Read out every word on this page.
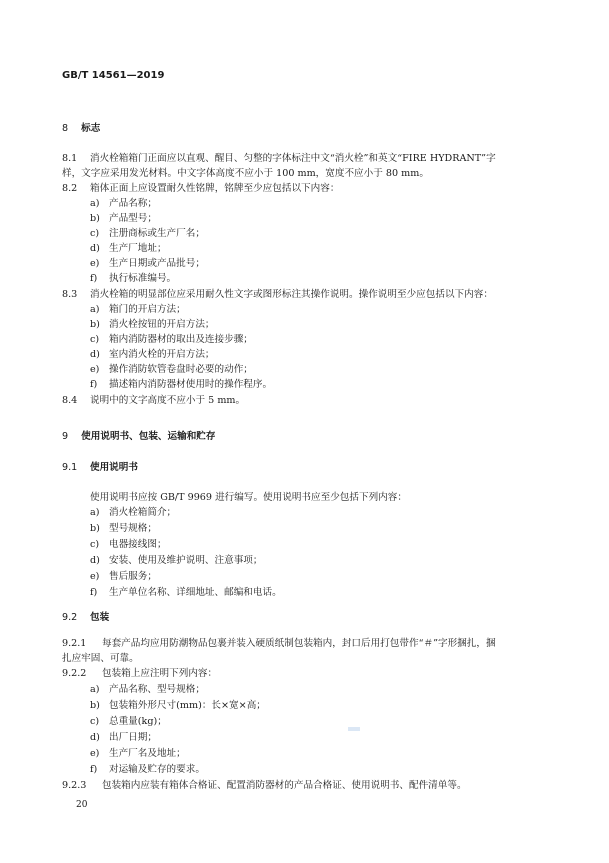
GB/T 14561—2019
8 标志
8.1 消火栓箱箱门正面应以直观、醒目、匀整的字体标注中文“消火栓”和英文“FIRE HYDRANT”字
样，文字应采用发光材料。中文字体高度不应小于 100 mm，宽度不应小于 80 mm。
8.2 箱体正面上应设置耐久性铭牌，铭牌至少应包括以下内容：
a) 产品名称；
b) 产品型号；
c) 注册商标或生产厂名；
d) 生产厂地址；
e) 生产日期或产品批号；
f) 执行标准编号。
8.3 消火栓箱的明显部位应采用耐久性文字或图形标注其操作说明。操作说明至少应包括以下内容：
a) 箱门的开启方法；
b) 消火栓按钮的开启方法；
c) 箱内消防器材的取出及连接步骤；
d) 室内消火栓的开启方法；
e) 操作消防软管卷盘时必要的动作；
f) 描述箱内消防器材使用时的操作程序。
8.4 说明中的文字高度不应小于 5 mm。
9 使用说明书、包装、运输和贮存
9.1 使用说明书
使用说明书应按 GB/T 9969 进行编写。使用说明书应至少包括下列内容：
a) 消火栓箱简介；
b) 型号规格；
c) 电器接线图；
d) 安装、使用及维护说明、注意事项；
e) 售后服务；
f) 生产单位名称、详细地址、邮编和电话。
9.2 包装
9.2.1 每套产品均应用防潮物品包裹并装入硬质纸制包装箱内，封口后用打包带作“＃”字形捆扎，捆
扎应牢固、可靠。
9.2.2 包装箱上应注明下列内容：
a) 产品名称、型号规格；
b) 包装箱外形尺寸(mm)：长×宽×高；
c) 总重量(kg)；
d) 出厂日期；
e) 生产厂名及地址；
f) 对运输及贮存的要求。
9.2.3 包装箱内应装有箱体合格证、配置消防器材的产品合格证、使用说明书、配件清单等。
20
